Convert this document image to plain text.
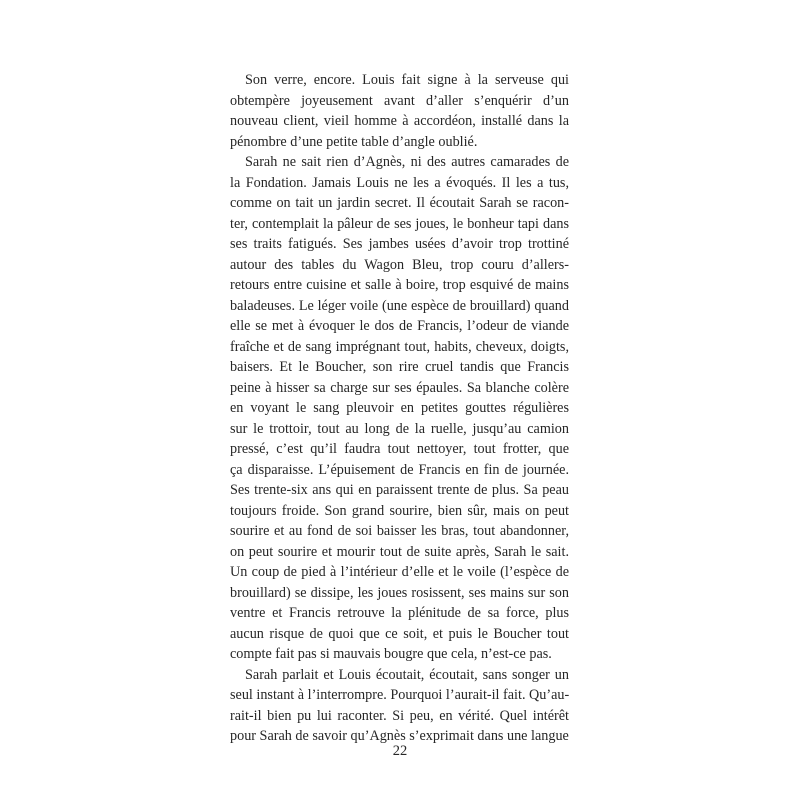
Son verre, encore. Louis fait signe à la serveuse qui
obtempère joyeusement avant d’aller s’enquérir d’un
nouveau client, vieil homme à accordéon, installé dans la
pénombre d’une petite table d’angle oublié.
Sarah ne sait rien d’Agnès, ni des autres camarades de
la Fondation. Jamais Louis ne les a évoqués. Il les a tus,
comme on tait un jardin secret. Il écoutait Sarah se racon-
ter, contemplait la pâleur de ses joues, le bonheur tapi dans
ses traits fatigués. Ses jambes usées d’avoir trop trottiné
autour des tables du Wagon Bleu, trop couru d’allers-
retours entre cuisine et salle à boire, trop esquivé de mains
baladeuses. Le léger voile (une espèce de brouillard) quand
elle se met à évoquer le dos de Francis, l’odeur de viande
fraîche et de sang imprégnant tout, habits, cheveux, doigts,
baisers. Et le Boucher, son rire cruel tandis que Francis
peine à hisser sa charge sur ses épaules. Sa blanche colère
en voyant le sang pleuvoir en petites gouttes régulières
sur le trottoir, tout au long de la ruelle, jusqu’au camion
pressé, c’est qu’il faudra tout nettoyer, tout frotter, que
ça disparaisse. L’épuisement de Francis en fin de journée.
Ses trente-six ans qui en paraissent trente de plus. Sa peau
toujours froide. Son grand sourire, bien sûr, mais on peut
sourire et au fond de soi baisser les bras, tout abandonner,
on peut sourire et mourir tout de suite après, Sarah le sait.
Un coup de pied à l’intérieur d’elle et le voile (l’espèce de
brouillard) se dissipe, les joues rosissent, ses mains sur son
ventre et Francis retrouve la plénitude de sa force, plus
aucun risque de quoi que ce soit, et puis le Boucher tout
compte fait pas si mauvais bougre que cela, n’est-ce pas.
Sarah parlait et Louis écoutait, écoutait, sans songer un
seul instant à l’interrompre. Pourquoi l’aurait-il fait. Qu’au-
rait-il bien pu lui raconter. Si peu, en vérité. Quel intérêt
pour Sarah de savoir qu’Agnès s’exprimait dans une langue
22
